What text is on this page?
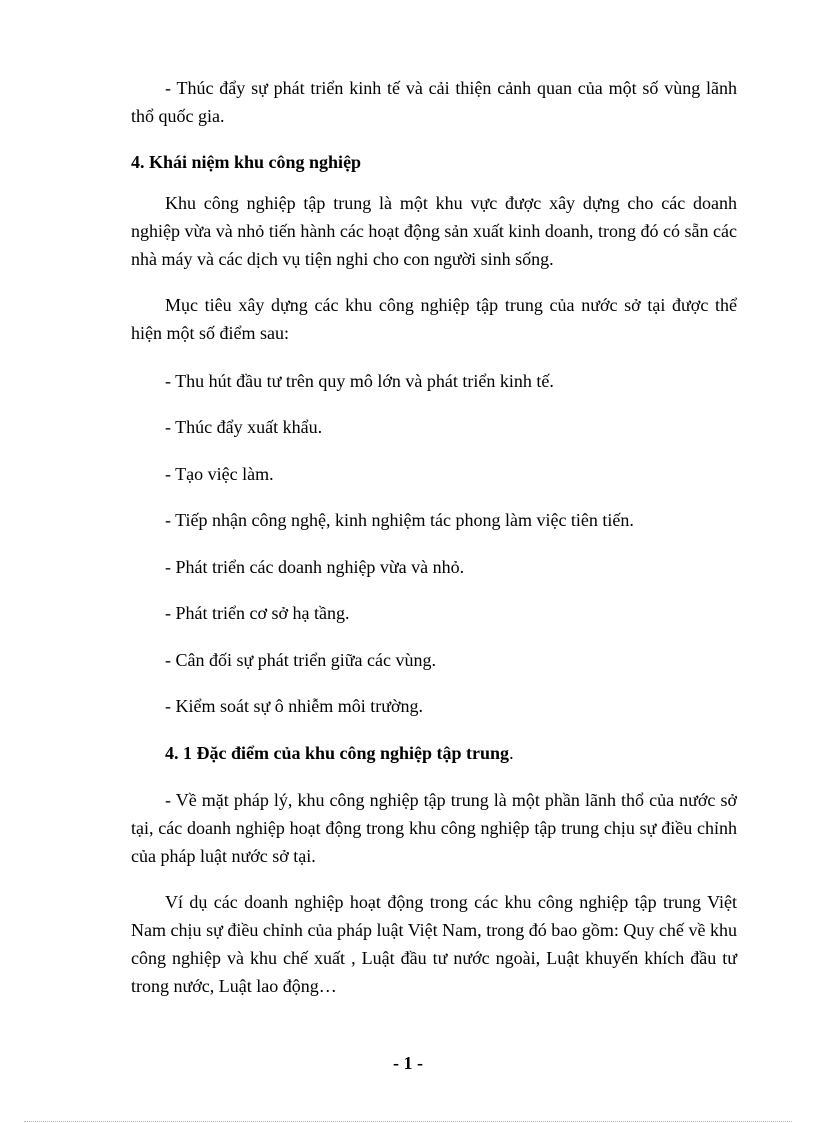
- Thúc đẩy sự phát triển kinh tế và cải thiện cảnh quan của một số vùng lãnh thổ quốc gia.

4. Khái niệm khu công nghiệp

Khu công nghiệp tập trung là một khu vực được xây dựng cho các doanh nghiệp vừa và nhỏ tiến hành các hoạt động sản xuất kinh doanh, trong đó có sẵn các nhà máy và các dịch vụ tiện nghi cho con người sinh sống.

Mục tiêu xây dựng các khu công nghiệp tập trung của nước sở tại được thể hiện một số điểm sau:

- Thu hút đầu tư trên quy mô lớn và phát triển kinh tế.

- Thúc đẩy xuất khẩu.

- Tạo việc làm.

- Tiếp nhận công nghệ, kinh nghiệm tác phong làm việc tiên tiến.

- Phát triển các doanh nghiệp vừa và nhỏ.

- Phát triển cơ sở hạ tầng.

- Cân đối sự phát triển giữa các vùng.

- Kiểm soát sự ô nhiễm môi trường.

4. 1 Đặc điểm của khu công nghiệp tập trung.

- Về mặt pháp lý, khu công nghiệp tập trung là một phần lãnh thổ của nước sở tại, các doanh nghiệp hoạt động trong khu công nghiệp tập trung chịu sự điều chỉnh của pháp luật nước sở tại.

Ví dụ các doanh nghiệp hoạt động trong các khu công nghiệp tập trung Việt Nam chịu sự điều chỉnh của pháp luật Việt Nam, trong đó bao gồm: Quy chế về khu công nghiệp và khu chế xuất , Luật đầu tư nước ngoài, Luật khuyến khích đầu tư trong nước, Luật lao động…

- 1 -
